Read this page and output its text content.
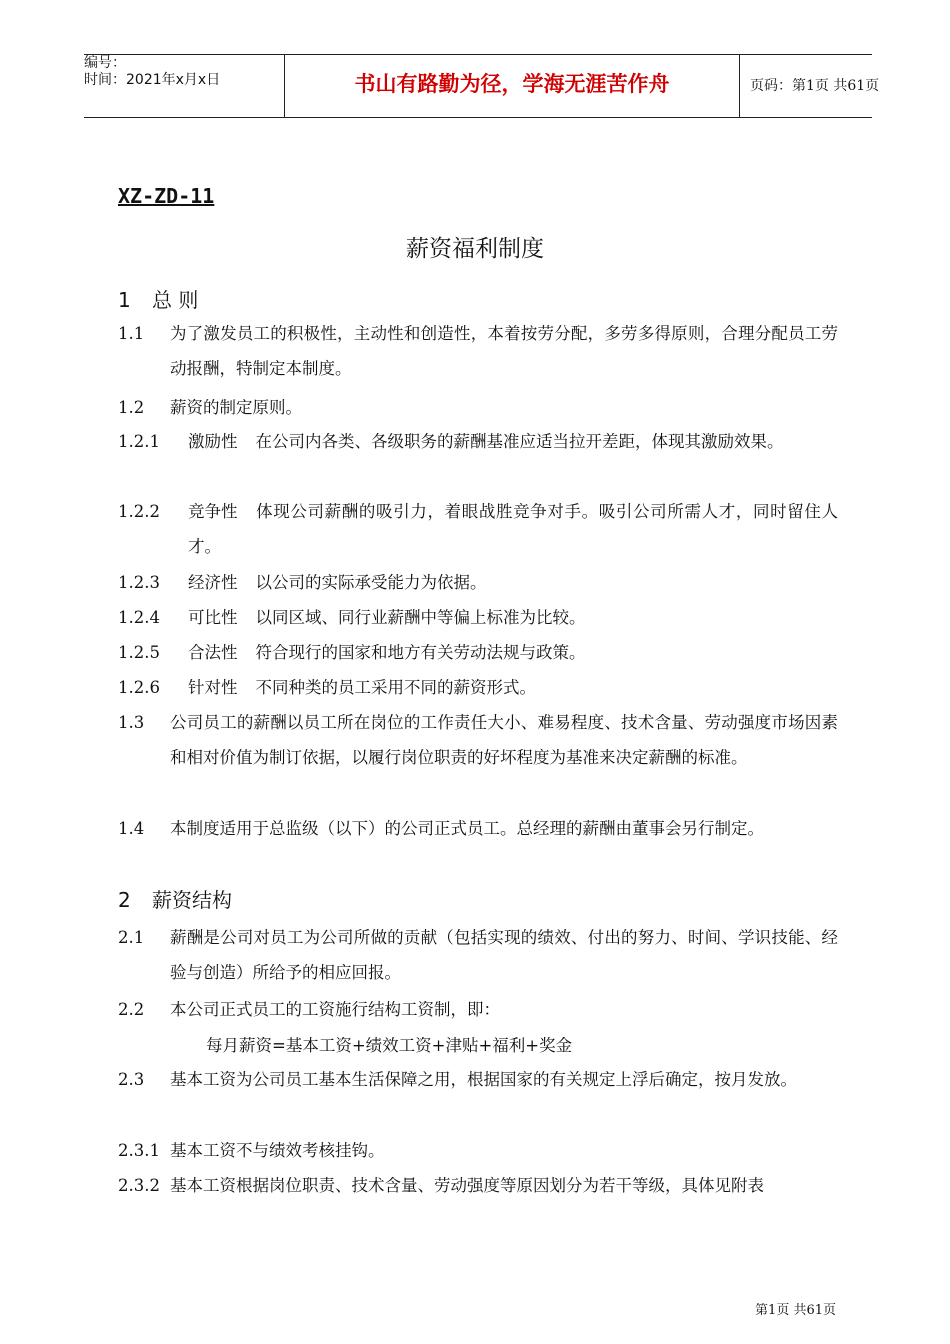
编号：
时间：2021年x月x日	书山有路勤为径，学海无涯苦作舟	页码：第1页 共61页
XZ-ZD-11
薪资福利制度
1 总 则
1.1	为了激发员工的积极性，主动性和创造性，本着按劳分配，多劳多得原则，合理分配员工劳动报酬，特制定本制度。
1.2	薪资的制定原则。
1.2.1	激励性 在公司内各类、各级职务的薪酬基准应适当拉开差距，体现其激励效果。
1.2.2	竞争性 体现公司薪酬的吸引力，着眼战胜竞争对手。吸引公司所需人才，同时留住人才。
1.2.3	经济性 以公司的实际承受能力为依据。
1.2.4	可比性 以同区域、同行业薪酬中等偏上标准为比较。
1.2.5	合法性 符合现行的国家和地方有关劳动法规与政策。
1.2.6	针对性 不同种类的员工采用不同的薪资形式。
1.3	公司员工的薪酬以员工所在岗位的工作责任大小、难易程度、技术含量、劳动强度市场因素和相对价值为制订依据，以履行岗位职责的好坏程度为基准来决定薪酬的标准。
1.4	本制度适用于总监级（以下）的公司正式员工。总经理的薪酬由董事会另行制定。
2 薪资结构
2.1	薪酬是公司对员工为公司所做的贡献（包括实现的绩效、付出的努力、时间、学识技能、经验与创造）所给予的相应回报。
2.2	本公司正式员工的工资施行结构工资制，即：
每月薪资=基本工资+绩效工资+津贴+福利+奖金
2.3	基本工资为公司员工基本生活保障之用，根据国家的有关规定上浮后确定，按月发放。
2.3.1 基本工资不与绩效考核挂钩。
2.3.2 基本工资根据岗位职责、技术含量、劳动强度等原因划分为若干等级，具体见附表
第1页 共61页
